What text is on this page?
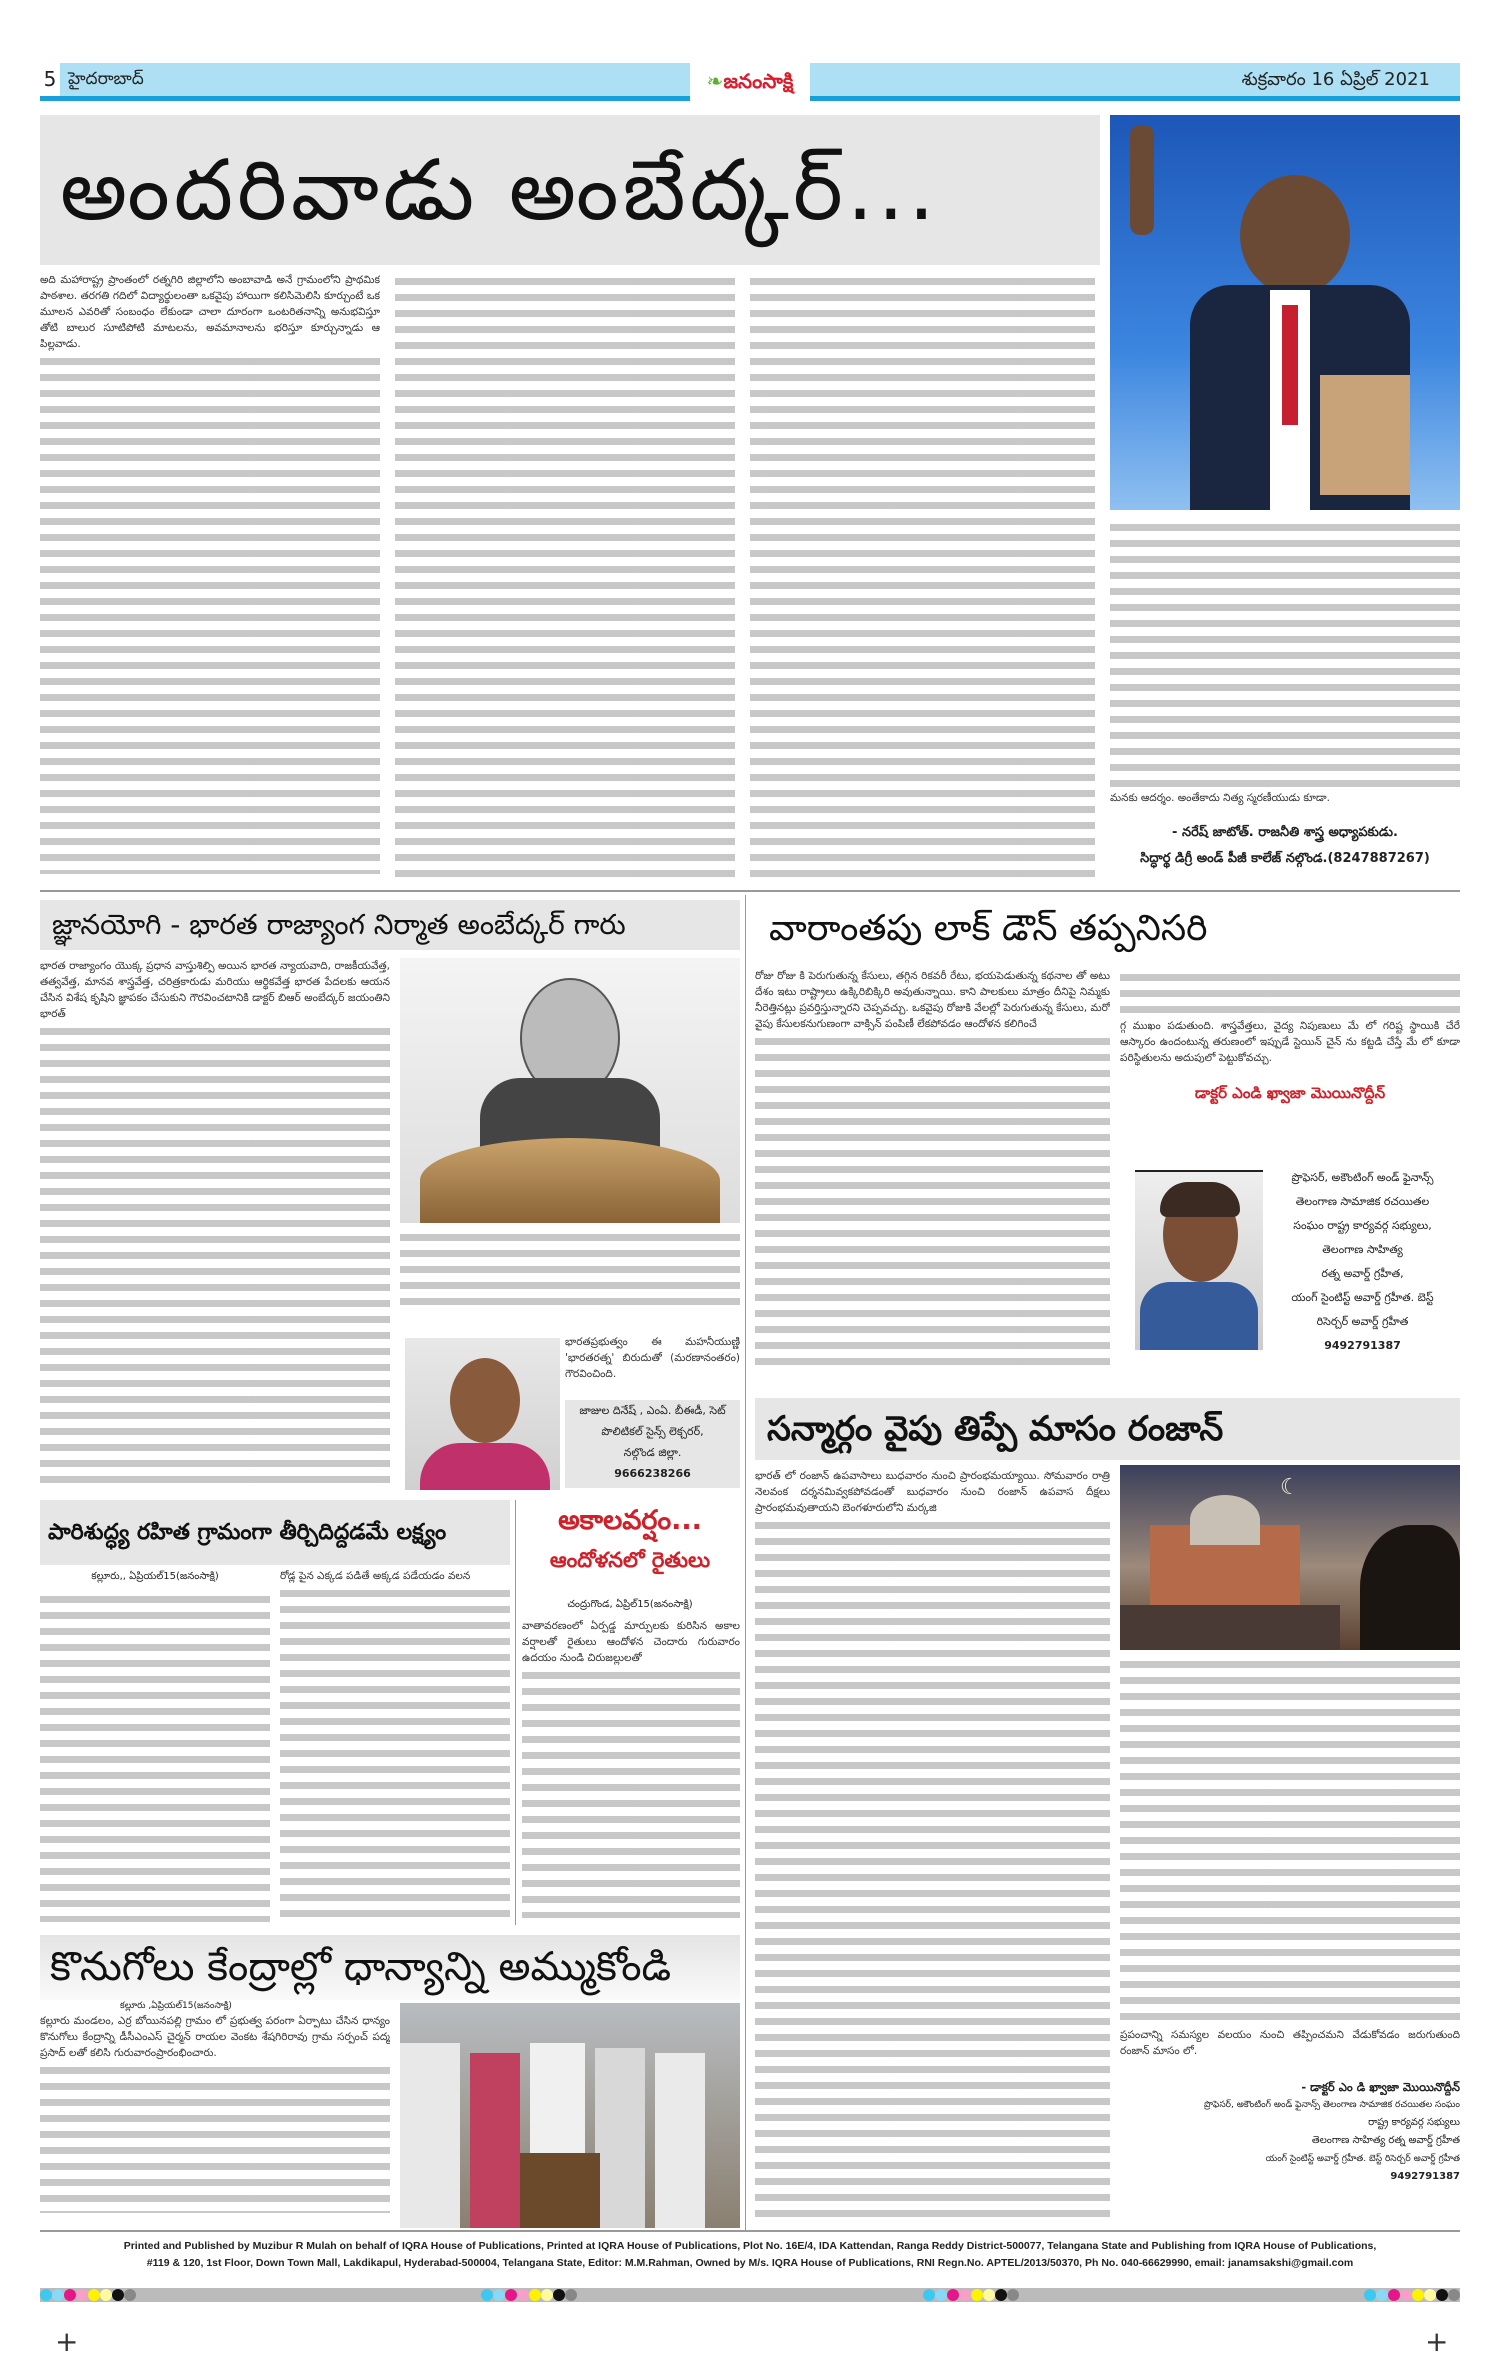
5 హైదరాబాద్	శుక్రవారం 16 ఏప్రిల్ 2021
❧జనంసాక్షి
అందరివాడు అంబేద్కర్...

అది మహారాష్ట్ర ప్రాంతంలో రత్నగిరి జిల్లాలోని అంబావాడి అనే గ్రామంలోని ప్రాథమిక పాఠశాల. తరగతి గదిలో విద్యార్థులంతా ఒకవైపు హాయిగా కలిసిమెలిసి కూర్చుంటే ఒక మూలన ఎవరితో సంబంధం లేకుండా చాలా దూరంగా ఒంటరితనాన్ని అనుభవిస్తూ తోటి బాలుర సూటిపోటి మాటలను, అవమానాలను భరిస్తూ కూర్చున్నాడు ఆ పిల్లవాడు.

మనకు ఆదర్శం. అంతేకాదు నిత్య స్మరణీయుడు కూడా.

- నరేష్ జాటోత్. రాజనీతి శాస్త్ర అధ్యాపకుడు.
సిద్ధార్థ డిగ్రీ అండ్ పీజీ కాలేజ్ నల్గొండ.(8247887267)
జ్ఞానయోగి - భారత రాజ్యాంగ నిర్మాత అంబేద్కర్ గారు

భారత రాజ్యాంగం యొక్క ప్రధాన వాస్తుశిల్పి అయిన భారత న్యాయవాది, రాజకీయవేత్త, తత్వవేత్త, మానవ శాస్త్రవేత్త, చరిత్రకారుడు మరియు ఆర్థికవేత్త భారత పేదలకు ఆయన చేసిన విశేష కృషిని జ్ఞాపకం చేసుకుని గౌరవించటానికి డాక్టర్ బిఆర్ అంబేద్కర్ జయంతిని భారత్

భారతప్రభుత్వం ఈ మహనీయుణ్ణి 'భారతరత్న' బిరుదుతో (మరణానంతరం) గౌరవించింది.

జాజుల దినేష్ , ఎంఏ. బీఈడీ, సెట్
పొలిటికల్ సైన్స్ లెక్చరర్,
నల్గొండ జిల్లా.
9666238266
వారాంతపు లాక్ డౌన్ తప్పనిసరి

రోజు రోజు కి పెరుగుతున్న కేసులు, తగ్గిన రికవరీ రేటు, భయపెడుతున్న కథనాల తో అటు దేశం ఇటు రాష్ట్రాలు ఉక్కిరిబిక్కిరి అవుతున్నాయి. కాని పాలకులు మాత్రం దీనిపై నిమ్మకు నీరెత్తినట్లు ప్రవర్తిస్తున్నారని చెప్పవచ్చు. ఒకవైపు రోజుకి వేలల్లో పెరుగుతున్న కేసులు, మరో వైపు కేసులకనుగుణంగా వాక్సిన్ పంపిణీ లేకపోవడం ఆందోళన కలిగించే	గ్గ ముఖం పడుతుంది. శాస్త్రవేత్తలు, వైద్య నిపుణులు మే లో గరిష్ట స్థాయికి చేరే ఆస్కారం ఉందంటున్న తరుణంలో ఇప్పుడే స్టెయిన్ చైన్ ను కట్టడి చేస్తే మే లో కూడా పరిస్థితులను అదుపులో పెట్టుకోవచ్చు.

డాక్టర్ ఎండి ఖ్వాజా మొయినొద్దీన్
ప్రొఫెసర్, అకౌంటింగ్ అండ్ ఫైనాన్స్
తెలంగాణ సామాజిక రచయితల
సంఘం రాష్ట్ర కార్యవర్గ సభ్యులు,
తెలంగాణ సాహిత్య
రత్న అవార్డ్ గ్రహీత,
యంగ్ సైంటిస్ట్ అవార్డ్ గ్రహీత. బెస్ట్
రిసెర్చర్ అవార్డ్ గ్రహీత
9492791387
సన్మార్గం వైపు తిప్పే మాసం రంజాన్
☾

భారత్ లో రంజాన్ ఉపవాసాలు బుధవారం నుంచి ప్రారంభమయ్యాయి. సోమవారం రాత్రి నెలవంక దర్శనమివ్వకపోవడంతో బుధవారం నుంచి రంజాన్ ఉపవాస దీక్షలు ప్రారంభమవుతాయని బెంగళూరులోని మర్కజి

ప్రపంచాన్ని సమస్యల వలయం నుంచి తప్పించమని వేడుకోవడం జరుగుతుంది రంజాన్ మాసం లో.

- డాక్టర్ ఎం డి ఖ్వాజా మొయినొద్దీన్
ప్రొఫెసర్, అకౌంటింగ్ అండ్ ఫైనాన్స్ తెలంగాణ సామాజిక రచయితల సంఘం
రాష్ట్ర కార్యవర్గ సభ్యులు
తెలంగాణ సాహిత్య రత్న అవార్డ్ గ్రహీత
యంగ్ సైంటిస్ట్ అవార్డ్ గ్రహీత. బెస్ట్ రిసెర్చర్ అవార్డ్ గ్రహీత
9492791387
పారిశుద్ధ్య రహిత గ్రామంగా తీర్చిదిద్దడమే లక్ష్యం
కల్లూరు,, ఏప్రియల్15(జనంసాక్షి)	రోడ్ల పైన ఎక్కడ పడితే అక్కడ పడేయడం వలన

అకాలవర్షం...
ఆందోళనలో రైతులు
చంద్రుగొండ, ఏప్రిల్15(జనంసాక్షి)

వాతావరణంలో ఏర్పడ్డ మార్పులకు కురిసిన అకాల వర్షాలతో రైతులు ఆందోళన చెందారు గురువారం ఉదయం నుండి చిరుజల్లులతో

కొనుగోలు కేంద్రాల్లో ధాన్యాన్ని అమ్ముకోండి
కల్లూరు ,ఏప్రియల్15(జనంసాక్షి)

కల్లూరు మండలం, ఎర్ర బోయినపల్లి గ్రామం లో ప్రభుత్వ పరంగా ఏర్పాటు చేసిన ధాన్యం కొనుగోలు కేంద్రాన్ని డీసీఎంఎస్ చైర్మన్ రాయల వెంకట శేషగిరిరావు గ్రామ సర్పంచ్ పద్మ ప్రసాద్ లతో కలిసి గురువారంప్రారంభించారు.

Printed and Published by Muzibur R Mulah on behalf of IQRA House of Publications, Printed at IQRA House of Publications, Plot No. 16E/4, IDA Kattendan, Ranga Reddy District-500077, Telangana State and Publishing from IQRA House of Publications,
#119 & 120, 1st Floor, Down Town Mall, Lakdikapul, Hyderabad-500004, Telangana State, Editor: M.M.Rahman, Owned by M/s. IQRA House of Publications, RNI Regn.No. APTEL/2013/50370, Ph No. 040-66629990, email: janamsakshi@gmail.com
+	+
